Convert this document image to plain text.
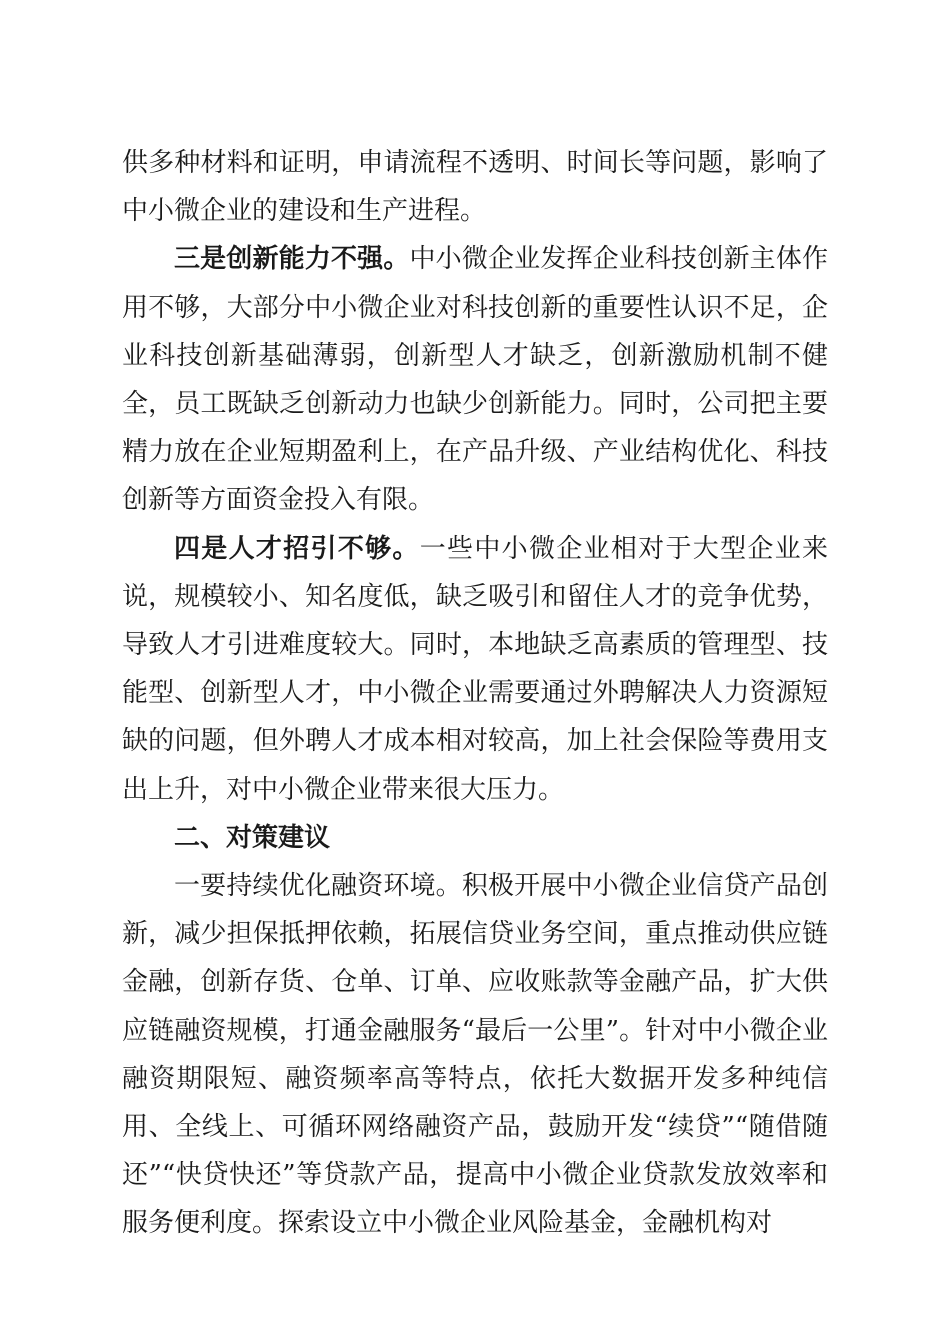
供多种材料和证明，申请流程不透明、时间长等问题，影响了中小微企业的建设和生产进程。

三是创新能力不强。中小微企业发挥企业科技创新主体作用不够，大部分中小微企业对科技创新的重要性认识不足，企业科技创新基础薄弱，创新型人才缺乏，创新激励机制不健全，员工既缺乏创新动力也缺少创新能力。同时，公司把主要精力放在企业短期盈利上，在产品升级、产业结构优化、科技创新等方面资金投入有限。

四是人才招引不够。一些中小微企业相对于大型企业来说，规模较小、知名度低，缺乏吸引和留住人才的竞争优势，导致人才引进难度较大。同时，本地缺乏高素质的管理型、技能型、创新型人才，中小微企业需要通过外聘解决人力资源短缺的问题，但外聘人才成本相对较高，加上社会保险等费用支出上升，对中小微企业带来很大压力。

二、对策建议

一要持续优化融资环境。积极开展中小微企业信贷产品创新，减少担保抵押依赖，拓展信贷业务空间，重点推动供应链金融，创新存货、仓单、订单、应收账款等金融产品，扩大供应链融资规模，打通金融服务“最后一公里”。针对中小微企业融资期限短、融资频率高等特点，依托大数据开发多种纯信用、全线上、可循环网络融资产品，鼓励开发“续贷”“随借随还”“快贷快还”等贷款产品，提高中小微企业贷款发放效率和服务便利度。探索设立中小微企业风险基金，金融机构对
